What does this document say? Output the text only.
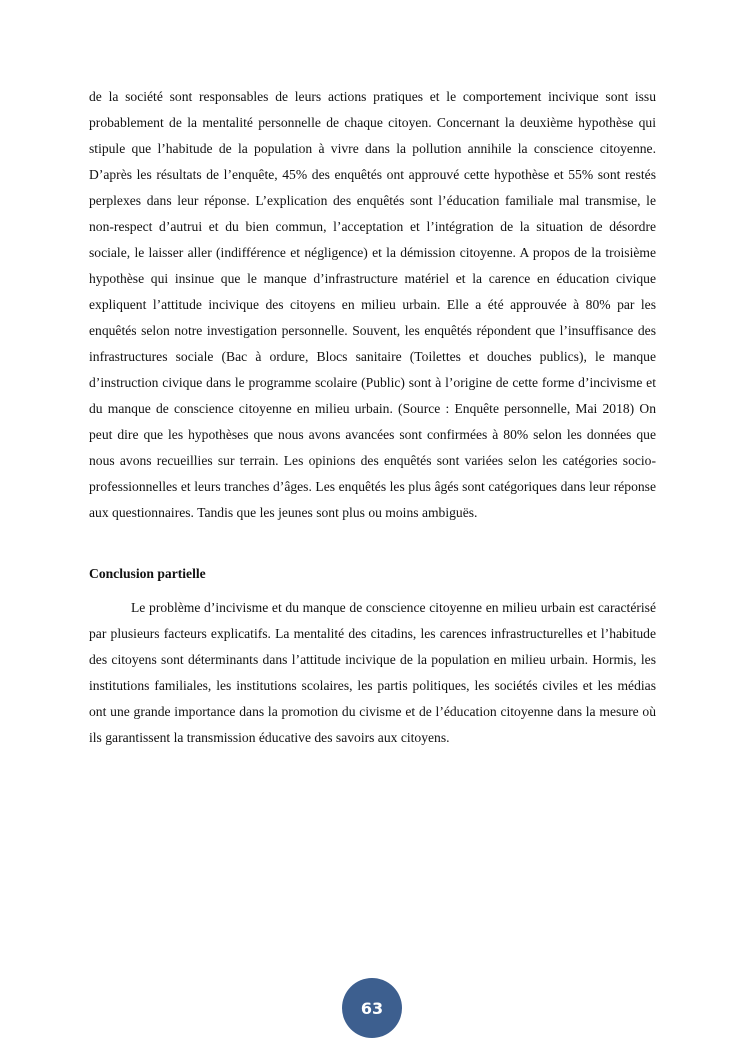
de la société sont responsables de leurs actions pratiques et le comportement incivique sont issu probablement de la mentalité personnelle de chaque citoyen. Concernant la deuxième hypothèse qui stipule que l’habitude de la population à vivre dans la pollution annihile la conscience citoyenne. D’après les résultats de l’enquête, 45% des enquêtés ont approuvé cette hypothèse et 55% sont restés perplexes dans leur réponse. L’explication des enquêtés sont l’éducation familiale mal transmise, le non-respect d’autrui et du bien commun, l’acceptation et l’intégration de la situation de désordre sociale, le laisser aller (indifférence et négligence) et la démission citoyenne. A propos de la troisième hypothèse qui insinue que le manque d’infrastructure matériel et la carence en éducation civique expliquent l’attitude incivique des citoyens en milieu urbain. Elle a été approuvée à 80% par les enquêtés selon notre investigation personnelle. Souvent, les enquêtés répondent que l’insuffisance des infrastructures sociale (Bac à ordure, Blocs sanitaire (Toilettes et douches publics), le manque d’instruction civique dans le programme scolaire (Public) sont à l’origine de cette forme d’incivisme et du manque de conscience citoyenne en milieu urbain. (Source : Enquête personnelle, Mai 2018) On peut dire que les hypothèses que nous avons avancées sont confirmées à 80% selon les données que nous avons recueillies sur terrain. Les opinions des enquêtés sont variées selon les catégories socio-professionnelles et leurs tranches d’âges. Les enquêtés les plus âgés sont catégoriques dans leur réponse aux questionnaires. Tandis que les jeunes sont plus ou moins ambiguës.

Conclusion partielle

Le problème d’incivisme et du manque de conscience citoyenne en milieu urbain est caractérisé par plusieurs facteurs explicatifs. La mentalité des citadins, les carences infrastructurelles et l’habitude des citoyens sont déterminants dans l’attitude incivique de la population en milieu urbain. Hormis, les institutions familiales, les institutions scolaires, les partis politiques, les sociétés civiles et les médias ont une grande importance dans la promotion du civisme et de l’éducation citoyenne dans la mesure où ils garantissent la transmission éducative des savoirs aux citoyens.

63
